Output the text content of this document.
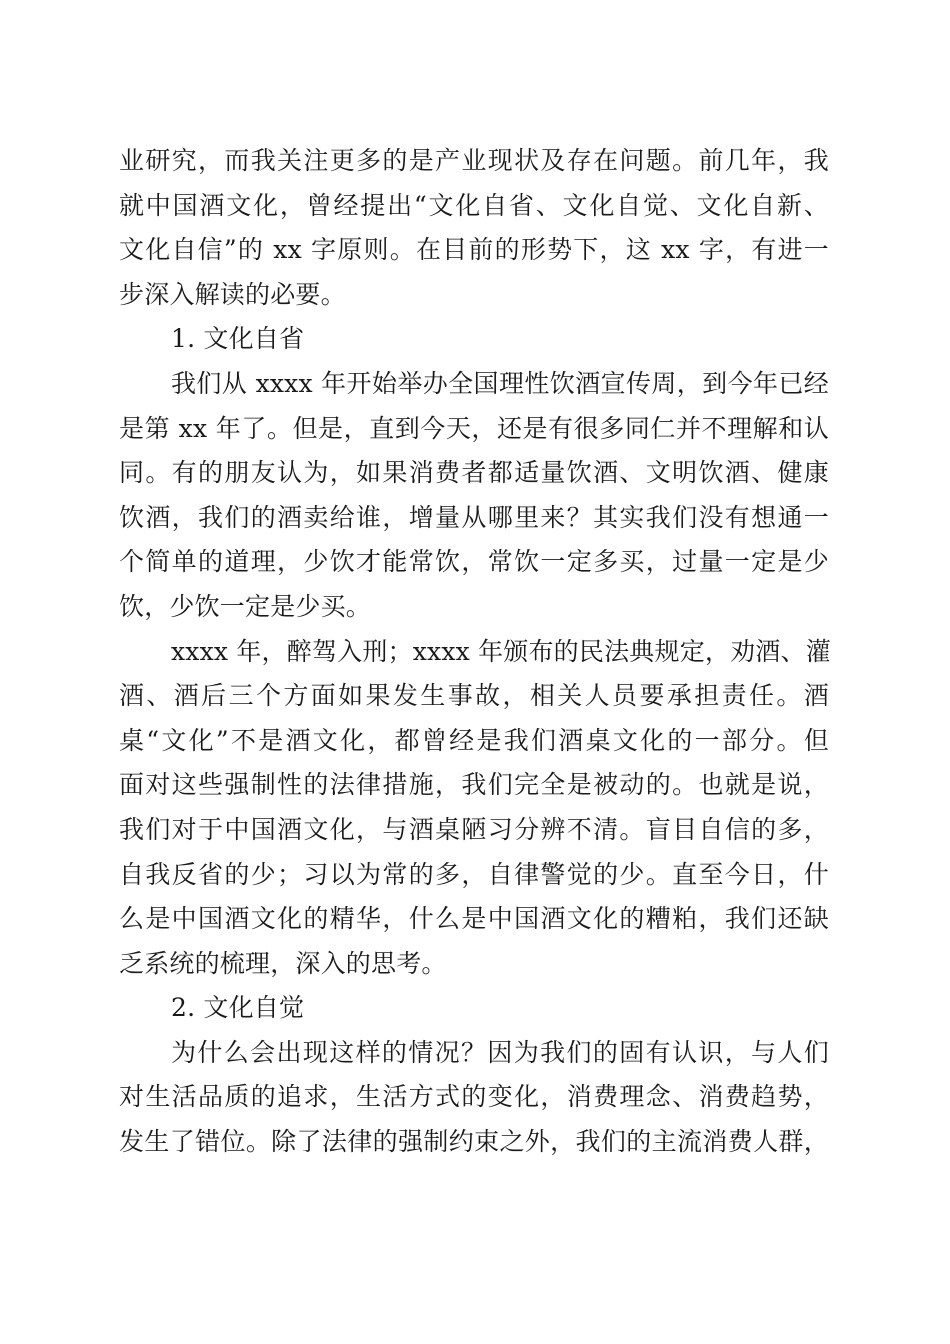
业研究，而我关注更多的是产业现状及存在问题。前几年，我
就中国酒文化，曾经提出“文化自省、文化自觉、文化自新、
文化自信”的 xx 字原则。在目前的形势下，这 xx 字，有进一
步深入解读的必要。
1. 文化自省
我们从 xxxx 年开始举办全国理性饮酒宣传周，到今年已经
是第 xx 年了。但是，直到今天，还是有很多同仁并不理解和认
同。有的朋友认为，如果消费者都适量饮酒、文明饮酒、健康
饮酒，我们的酒卖给谁，增量从哪里来？其实我们没有想通一
个简单的道理，少饮才能常饮，常饮一定多买，过量一定是少
饮，少饮一定是少买。
xxxx 年，醉驾入刑；xxxx 年颁布的民法典规定，劝酒、灌
酒、酒后三个方面如果发生事故，相关人员要承担责任。酒
桌“文化”不是酒文化，都曾经是我们酒桌文化的一部分。但
面对这些强制性的法律措施，我们完全是被动的。也就是说，
我们对于中国酒文化，与酒桌陋习分辨不清。盲目自信的多，
自我反省的少；习以为常的多，自律警觉的少。直至今日，什
么是中国酒文化的精华，什么是中国酒文化的糟粕，我们还缺
乏系统的梳理，深入的思考。
2. 文化自觉
为什么会出现这样的情况？因为我们的固有认识，与人们
对生活品质的追求，生活方式的变化，消费理念、消费趋势，
发生了错位。除了法律的强制约束之外，我们的主流消费人群，
